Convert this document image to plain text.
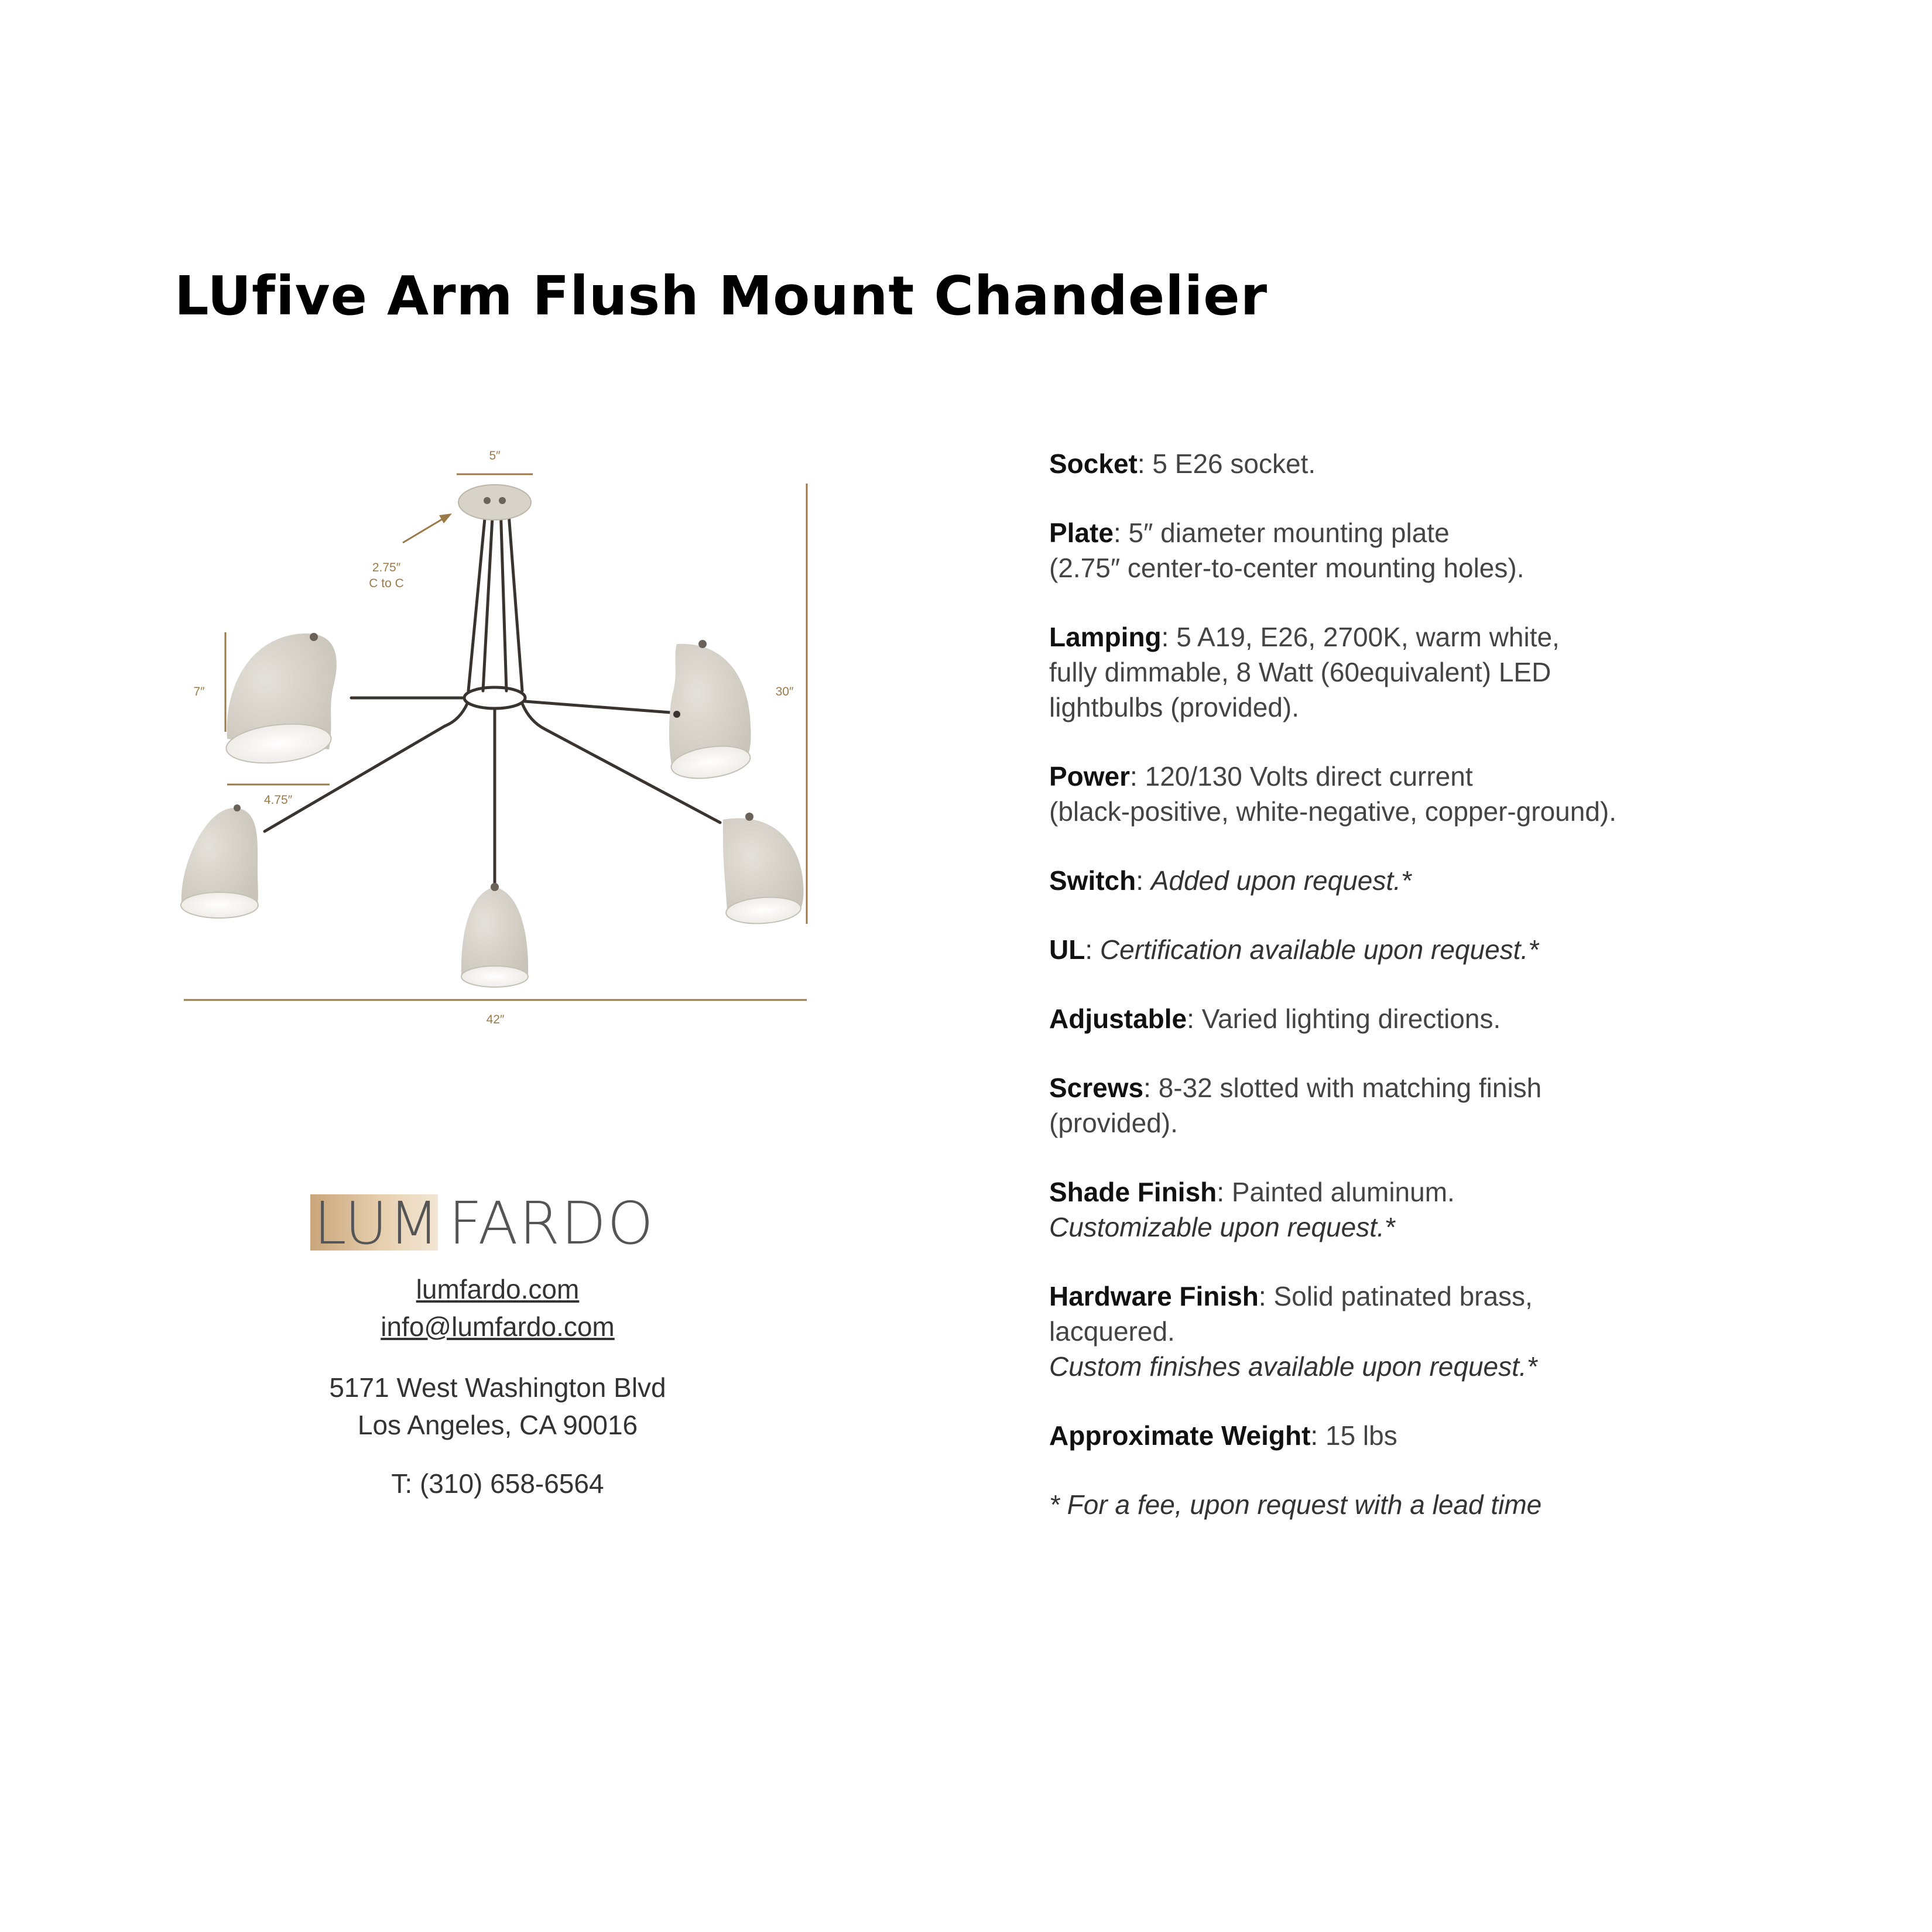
LUfive Arm Flush Mount Chandelier
5″
2.75″
C to C
7″
4.75″
30″
42″

Socket: 5 E26 socket.

Plate: 5″ diameter mounting plate
(2.75″ center-to-center mounting holes).

Lamping: 5 A19, E26, 2700K, warm white,
fully dimmable, 8 Watt (60equivalent) LED
lightbulbs (provided).

Power: 120/130 Volts direct current
(black-positive, white-negative, copper-ground).

Switch: Added upon request.*

UL: Certification available upon request.*

Adjustable: Varied lighting directions.

Screws: 8-32 slotted with matching finish
(provided).

Shade Finish: Painted aluminum.
Customizable upon request.*

Hardware Finish: Solid patinated brass,
lacquered.
Custom finishes available upon request.*

Approximate Weight: 15 lbs

* For a fee, upon request with a lead time
LUM FARDO
lumfardo.com
info@lumfardo.com
5171 West Washington Blvd
Los Angeles, CA 90016
T: (310) 658-6564
